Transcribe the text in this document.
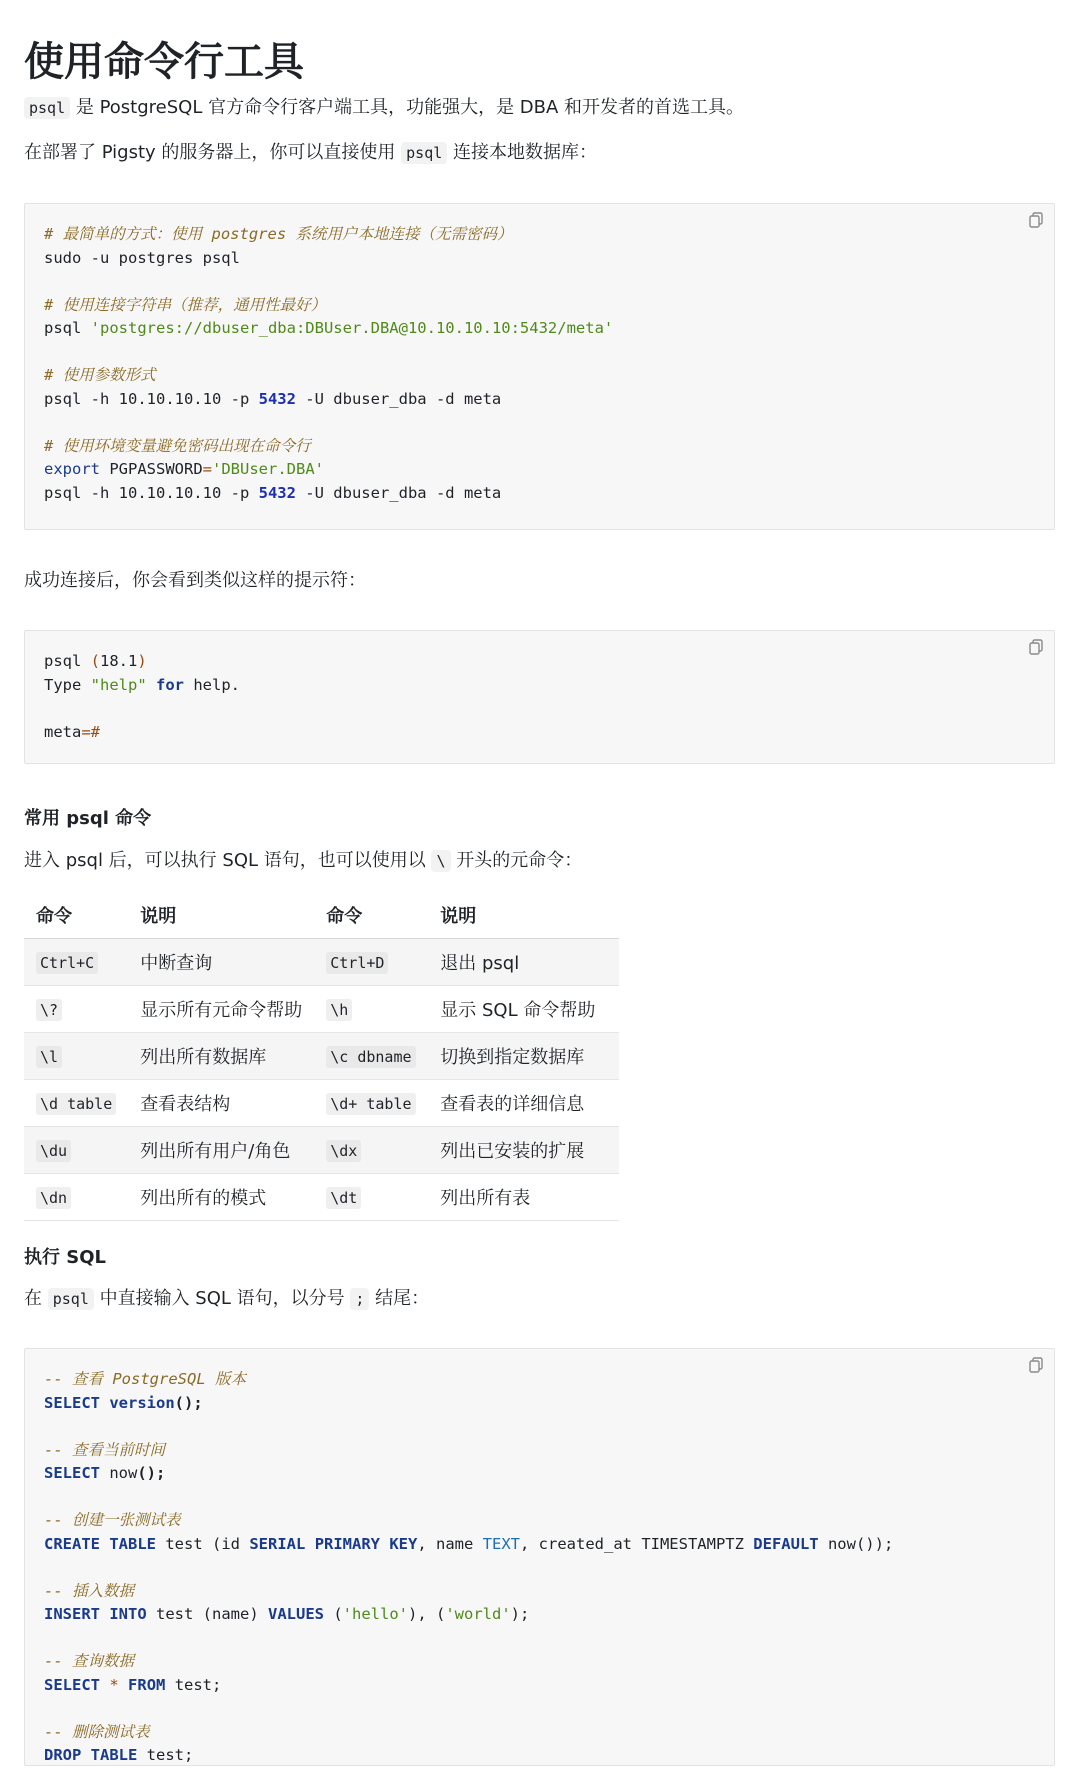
使用命令行工具

psql 是 PostgreSQL 官方命令行客户端工具，功能强大，是 DBA 和开发者的首选工具。

在部署了 Pigsty 的服务器上，你可以直接使用 psql 连接本地数据库：

# 最简单的方式：使用 postgres 系统用户本地连接（无需密码）
sudo -u postgres psql

# 使用连接字符串（推荐，通用性最好）
psql 'postgres://dbuser_dba:DBUser.DBA@10.10.10.10:5432/meta'

# 使用参数形式
psql -h 10.10.10.10 -p 5432 -U dbuser_dba -d meta

# 使用环境变量避免密码出现在命令行
export PGPASSWORD='DBUser.DBA'
psql -h 10.10.10.10 -p 5432 -U dbuser_dba -d meta

成功连接后，你会看到类似这样的提示符：

psql (18.1)
Type "help" for help.

meta=#
常用 psql 命令

进入 psql 后，可以执行 SQL 语句，也可以使用以 \ 开头的元命令：

命令	说明	命令	说明
Ctrl+C	中断查询	Ctrl+D	退出 psql
\?	显示所有元命令帮助	\h	显示 SQL 命令帮助
\l	列出所有数据库	\c dbname	切换到指定数据库
\d table	查看表结构	\d+ table	查看表的详细信息
\du	列出所有用户/角色	\dx	列出已安装的扩展
\dn	列出所有的模式	\dt	列出所有表
执行 SQL

在 psql 中直接输入 SQL 语句，以分号 ; 结尾：

-- 查看 PostgreSQL 版本
SELECT version();

-- 查看当前时间
SELECT now();

-- 创建一张测试表
CREATE TABLE test (id SERIAL PRIMARY KEY, name TEXT, created_at TIMESTAMPTZ DEFAULT now());

-- 插入数据
INSERT INTO test (name) VALUES ('hello'), ('world');

-- 查询数据
SELECT * FROM test;

-- 删除测试表
DROP TABLE test;
